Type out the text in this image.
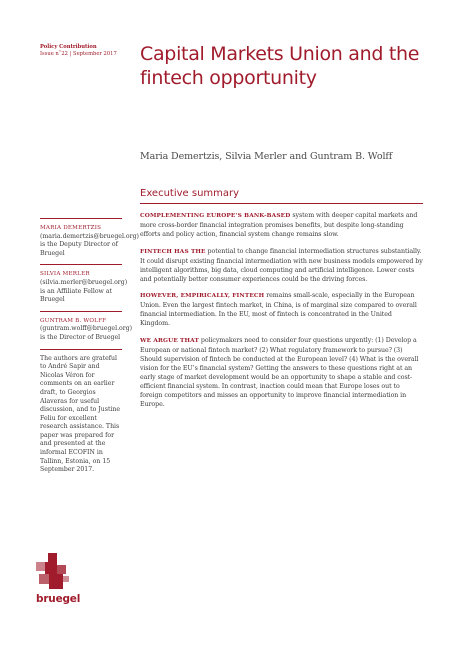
Policy Contribution
Issue n˚22 | September 2017	Capital Markets Union and the fintech opportunity
Maria Demertzis, Silvia Merler and Guntram B. Wolff
Executive summary

COMPLEMENTING EUROPE’S BANK-BASED system with deeper capital markets and more cross-border financial integration promises benefits, but despite long-standing efforts and policy action, financial system change remains slow.

FINTECH HAS THE potential to change financial intermediation structures substantially. It could disrupt existing financial intermediation with new business models empowered by intelligent algorithms, big data, cloud computing and artificial intelligence. Lower costs and potentially better consumer experiences could be the driving forces.

HOWEVER, EMPIRICALLY, FINTECH remains small-scale, especially in the European Union. Even the largest fintech market, in China, is of marginal size compared to overall financial intermediation. In the EU, most of fintech is concentrated in the United Kingdom.

WE ARGUE THAT policymakers need to consider four questions urgently: (1) Develop a European or national fintech market? (2) What regulatory framework to pursue? (3) Should supervision of fintech be conducted at the European level? (4) What is the overall vision for the EU’s financial system? Getting the answers to these questions right at an early stage of market development would be an opportunity to shape a stable and cost-efficient financial system. In contrast, inaction could mean that Europe loses out to foreign competitors and misses an opportunity to improve financial intermediation in Europe.

MARIA DEMERTZIS (maria.demertzis@bruegel.org) is the Deputy Director of Bruegel
SILVIA MERLER (silvia.merler@bruegel.org) is an Affiliate Fellow at Bruegel
GUNTRAM B. WOLFF (guntram.wolff@bruegel.org) is the Director of Bruegel
The authors are grateful to André Sapir and Nicolas Véron for comments on an earlier draft, to Georgios Alaveras for useful discussion, and to Justine Feliu for excellent research assistance. This paper was prepared for and presented at the informal ECOFIN in Tallinn, Estonia, on 15 September 2017.
bruegel
